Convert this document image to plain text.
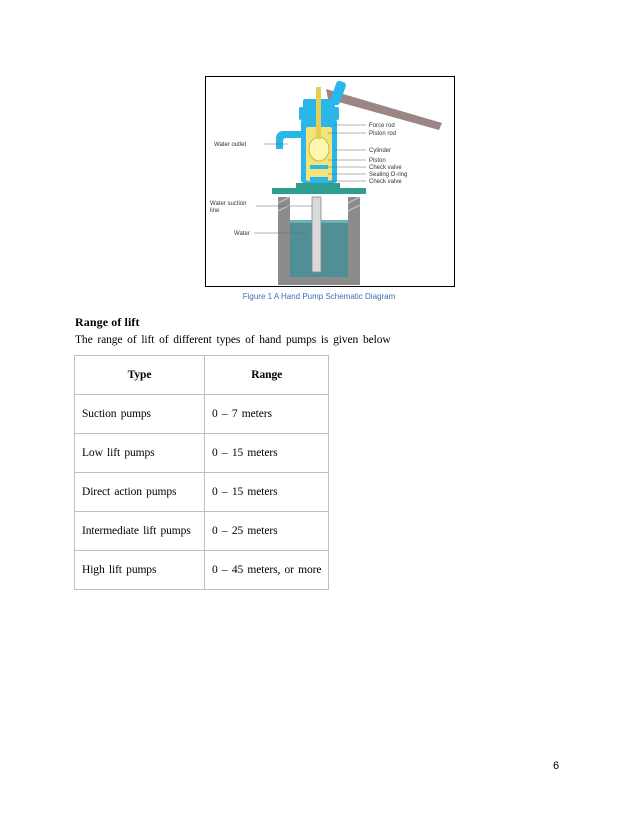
Force rod
Piston rod
Water outlet
Cylinder
Piston
Check valve
Sealing O-ring
Check valve
Water suction
line
Water
Figure 1 A Hand Pump Schematic Diagram
Range of lift
The range of lift of different types of hand pumps is given below
Type	Range
Suction pumps	0 – 7 meters
Low lift pumps	0 – 15 meters
Direct action pumps	0 – 15 meters
Intermediate lift pumps	0 – 25 meters
High lift pumps	0 – 45 meters, or more
6
